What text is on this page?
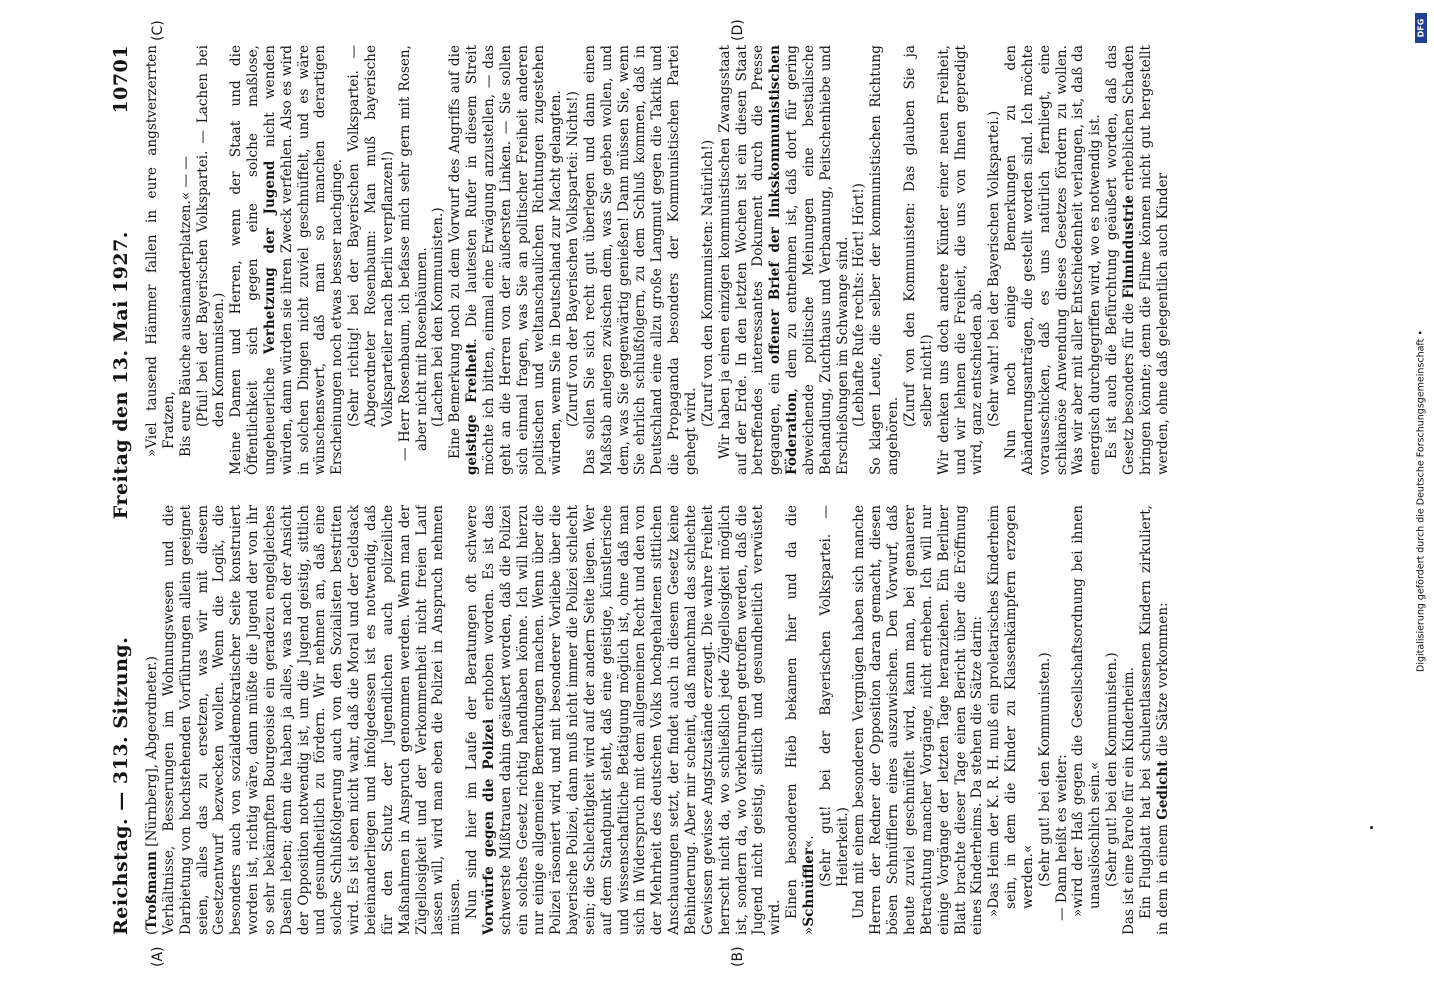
Reichstag. — 313. Sitzung.
Freitag den 13. Mai 1927.
10701

(Troßmann [Nürnberg], Abgeordneter.) Verhältnisse, Besserungen im Wohnungswesen und die Darbietung von hochstehenden Vorführungen allein geeignet seien, alles das zu ersetzen, was wir mit diesem Gesetzentwurf bezwecken wollen. Wenn die Logik, die besonders auch von sozialdemokratischer Seite konstruiert worden ist, richtig wäre, dann müßte die Jugend der von ihr so sehr bekämpften Bourgeoisie ein geradezu engelgleiches Dasein leben; denn die haben ja alles, was nach der Ansicht der Opposition notwendig ist, um die Jugend geistig, sittlich und gesundheitlich zu fördern. Wir nehmen an, daß eine solche Schlußfolgerung auch von den Sozialisten bestritten wird. Es ist eben nicht wahr, daß die Moral und der Geldsack beieinanderliegen und infolgedessen ist es notwendig, daß für den Schutz der Jugendlichen auch polizeiliche Maßnahmen in Anspruch genommen werden. Wenn man der Zügellosigkeit und der Verkommenheit nicht freien Lauf lassen will, wird man eben die Polizei in Anspruch nehmen müssen. Nun sind hier im Laufe der Beratungen oft schwere Vorwürfe gegen die Polizei erhoben worden. Es ist das schwerste Mißtrauen dahin geäußert worden, daß die Polizei ein solches Gesetz richtig handhaben könne. Ich will hierzu nur einige allgemeine Bemerkungen machen. Wenn über die Polizei räsoniert wird, und mit besonderer Vorliebe über die bayerische Polizei, dann muß nicht immer die Polizei schlecht sein; die Schlechtigkeit wird auf der andern Seite liegen. Wer auf dem Standpunkt steht, daß eine geistige, künstlerische und wissenschaftliche Betätigung möglich ist, ohne daß man sich in Widerspruch mit dem allgemeinen Recht und den von der Mehrheit des deutschen Volks hochgehaltenen sittlichen Anschauungen setzt, der findet auch in diesem Gesetz keine Behinderung. Aber mir scheint, daß manchmal das schlechte Gewissen gewisse Angstzustände erzeugt. Die wahre Freiheit herrscht nicht da, wo schließlich jede Zügellosigkeit möglich ist, sondern da, wo Vorkehrungen getroffen werden, daß die Jugend nicht geistig, sittlich und gesundheitlich verwüstet wird. Einen besonderen Hieb bekamen hier und da die »Schnüffler«. (Sehr gut! bei der Bayerischen Volkspartei. — Heiterkeit.) Und mit einem besonderen Vergnügen haben sich manche Herren der Redner der Opposition daran gemacht, diesen bösen Schnüfflern eines auszuwischen. Den Vorwurf, daß heute zuviel geschnüffelt wird, kann man, bei genauerer Betrachtung mancher Vorgänge, nicht erheben. Ich will nur einige Vorgänge der letzten Tage heranziehen. Ein Berliner Blatt brachte dieser Tage einen Bericht über die Eröffnung eines Kinderheims. Da stehen die Sätze darin: »Das Heim der K. R. H. muß ein proletarisches Kinderheim sein, in dem die Kinder zu Klassenkämpfern erzogen werden.« (Sehr gut! bei den Kommunisten.) — Dann heißt es weiter: »wird der Haß gegen die Gesellschaftsordnung bei ihnen unauslöschlich sein.« (Sehr gut! bei den Kommunisten.) Das ist eine Parole für ein Kinderheim. Ein Flugblatt hat bei schulentlassenen Kindern zirkuliert, in dem in einem Gedicht die Sätze vorkommen:

»Viel tausend Hämmer fallen in eure angstverzerrten Fratzen, Bis eure Bäuche auseinanderplatzen.« — — (Pfui! bei der Bayerischen Volkspartei. — Lachen bei den Kommunisten.) Meine Damen und Herren, wenn der Staat und die Öffentlichkeit sich gegen eine solche maßlose, ungeheuerliche Verhetzung der Jugend nicht wenden würden, dann würden sie ihren Zweck verfehlen. Also es wird in solchen Dingen nicht zuviel geschnüffelt, und es wäre wünschenswert, daß man so manchen derartigen Erscheinungen noch etwas besser nachginge. (Sehr richtig! bei der Bayerischen Volkspartei. — Abgeordneter Rosenbaum: Man muß bayerische Volksparteiler nach Berlin verpflanzen!) — Herr Rosenbaum, ich befasse mich sehr gern mit Rosen, aber nicht mit Rosenbäumen. (Lachen bei den Kommunisten.) Eine Bemerkung noch zu dem Vorwurf des Angriffs auf die geistige Freiheit. Die lautesten Rufer in diesem Streit möchte ich bitten, einmal eine Erwägung anzustellen, — das geht an die Herren von der äußersten Linken. — Sie sollen sich einmal fragen, was Sie an politischer Freiheit anderen politischen und weltanschaulichen Richtungen zugestehen würden, wenn Sie in Deutschland zur Macht gelangten. (Zuruf von der Bayerischen Volkspartei: Nichts!) Das sollen Sie sich recht gut überlegen und dann einen Maßstab anlegen zwischen dem, was Sie geben wollen, und dem, was Sie gegenwärtig genießen! Dann müssen Sie, wenn Sie ehrlich schlußfolgern, zu dem Schluß kommen, daß in Deutschland eine allzu große Langmut gegen die Taktik und die Propaganda besonders der Kommunistischen Partei gehegt wird.

(Zuruf von den Kommunisten: Natürlich!) Wir haben ja einen einzigen kommunistischen Zwangsstaat auf der Erde. In den letzten Wochen ist ein diesen Staat betreffendes interessantes Dokument durch die Presse gegangen, ein offener Brief der linkskommunistischen Föderation, dem zu entnehmen ist, daß dort für gering abweichende politische Meinungen eine bestialische Behandlung, Zuchthaus und Verbannung, Peitschenhiebe und Erschießungen im Schwange sind. (Lebhafte Rufe rechts: Hört! Hört!) So klagen Leute, die selber der kommunistischen Richtung angehören.

(Zuruf von den Kommunisten: Das glauben Sie ja selber nicht!) Wir denken uns doch andere Künder einer neuen Freiheit, und wir lehnen die Freiheit, die uns von Ihnen gepredigt wird, ganz entschieden ab. (Sehr wahr! bei der Bayerischen Volkspartei.) Nun noch einige Bemerkungen zu den Abänderungsanträgen, die gestellt worden sind. Ich möchte vorausschicken, daß es uns natürlich fernliegt, eine schikanöse Anwendung dieses Gesetzes fördern zu wollen. Was wir aber mit aller Entschiedenheit verlangen, ist, daß da energisch durchgegriffen wird, wo es notwendig ist. Es ist auch die Befürchtung geäußert worden, daß das Gesetz besonders für die Filmindustrie erheblichen Schaden bringen könnte; denn die Filme können nicht gut hergestellt werden, ohne daß gelegentlich auch Kinder

(A)	(B)
(C)	(D)	DFG
Digitalisierung gefördert durch die Deutsche Forschungsgemeinschaft •
